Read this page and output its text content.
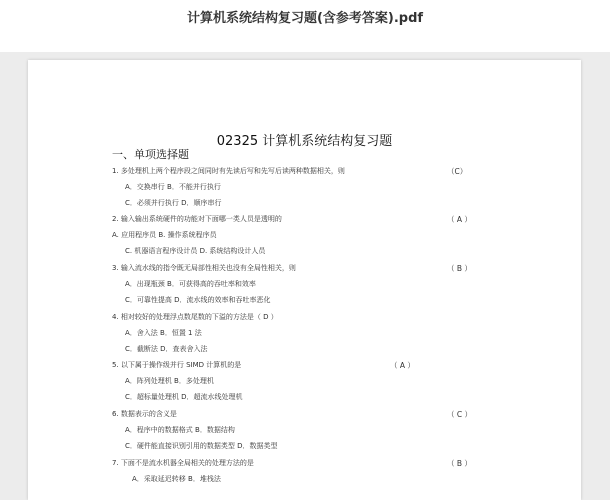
计算机系统结构复习题(含参考答案).pdf
02325 计算机系统结构复习题
一、单项选择题
1. 多处理机上两个程序段之间同时有先读后写和先写后读两种数据相关，则	（C）
A．交换串行 B．不能并行执行
C．必须并行执行 D．顺序串行
2. 输入输出系统硬件的功能对下面哪一类人员是透明的	（ A ）
A. 应用程序员 B. 操作系统程序员
C. 机器语言程序设计员 D. 系统结构设计人员
3. 输入流水线的指令既无局部性相关也没有全局性相关，则	（ B ）
A．出现瓶颈 B．可获得高的吞吐率和效率
C．可靠性提高 D．流水线的效率和吞吐率恶化
4. 相对较好的处理浮点数尾数的下溢的方法是（ D ）
A．舍入法 B．恒置 1 法
C．截断法 D．查表舍入法
5. 以下属于操作级并行 SIMD 计算机的是	（ A ）
A．阵列处理机 B．多处理机
C．超标量处理机 D．超流水线处理机
6. 数据表示的含义是	（ C ）
A．程序中的数据格式 B．数据结构
C．硬件能直接识别引用的数据类型 D．数据类型
7. 下面不是流水机器全局相关的处理方法的是	（ B ）
A．采取延迟转移 B．堆栈法
